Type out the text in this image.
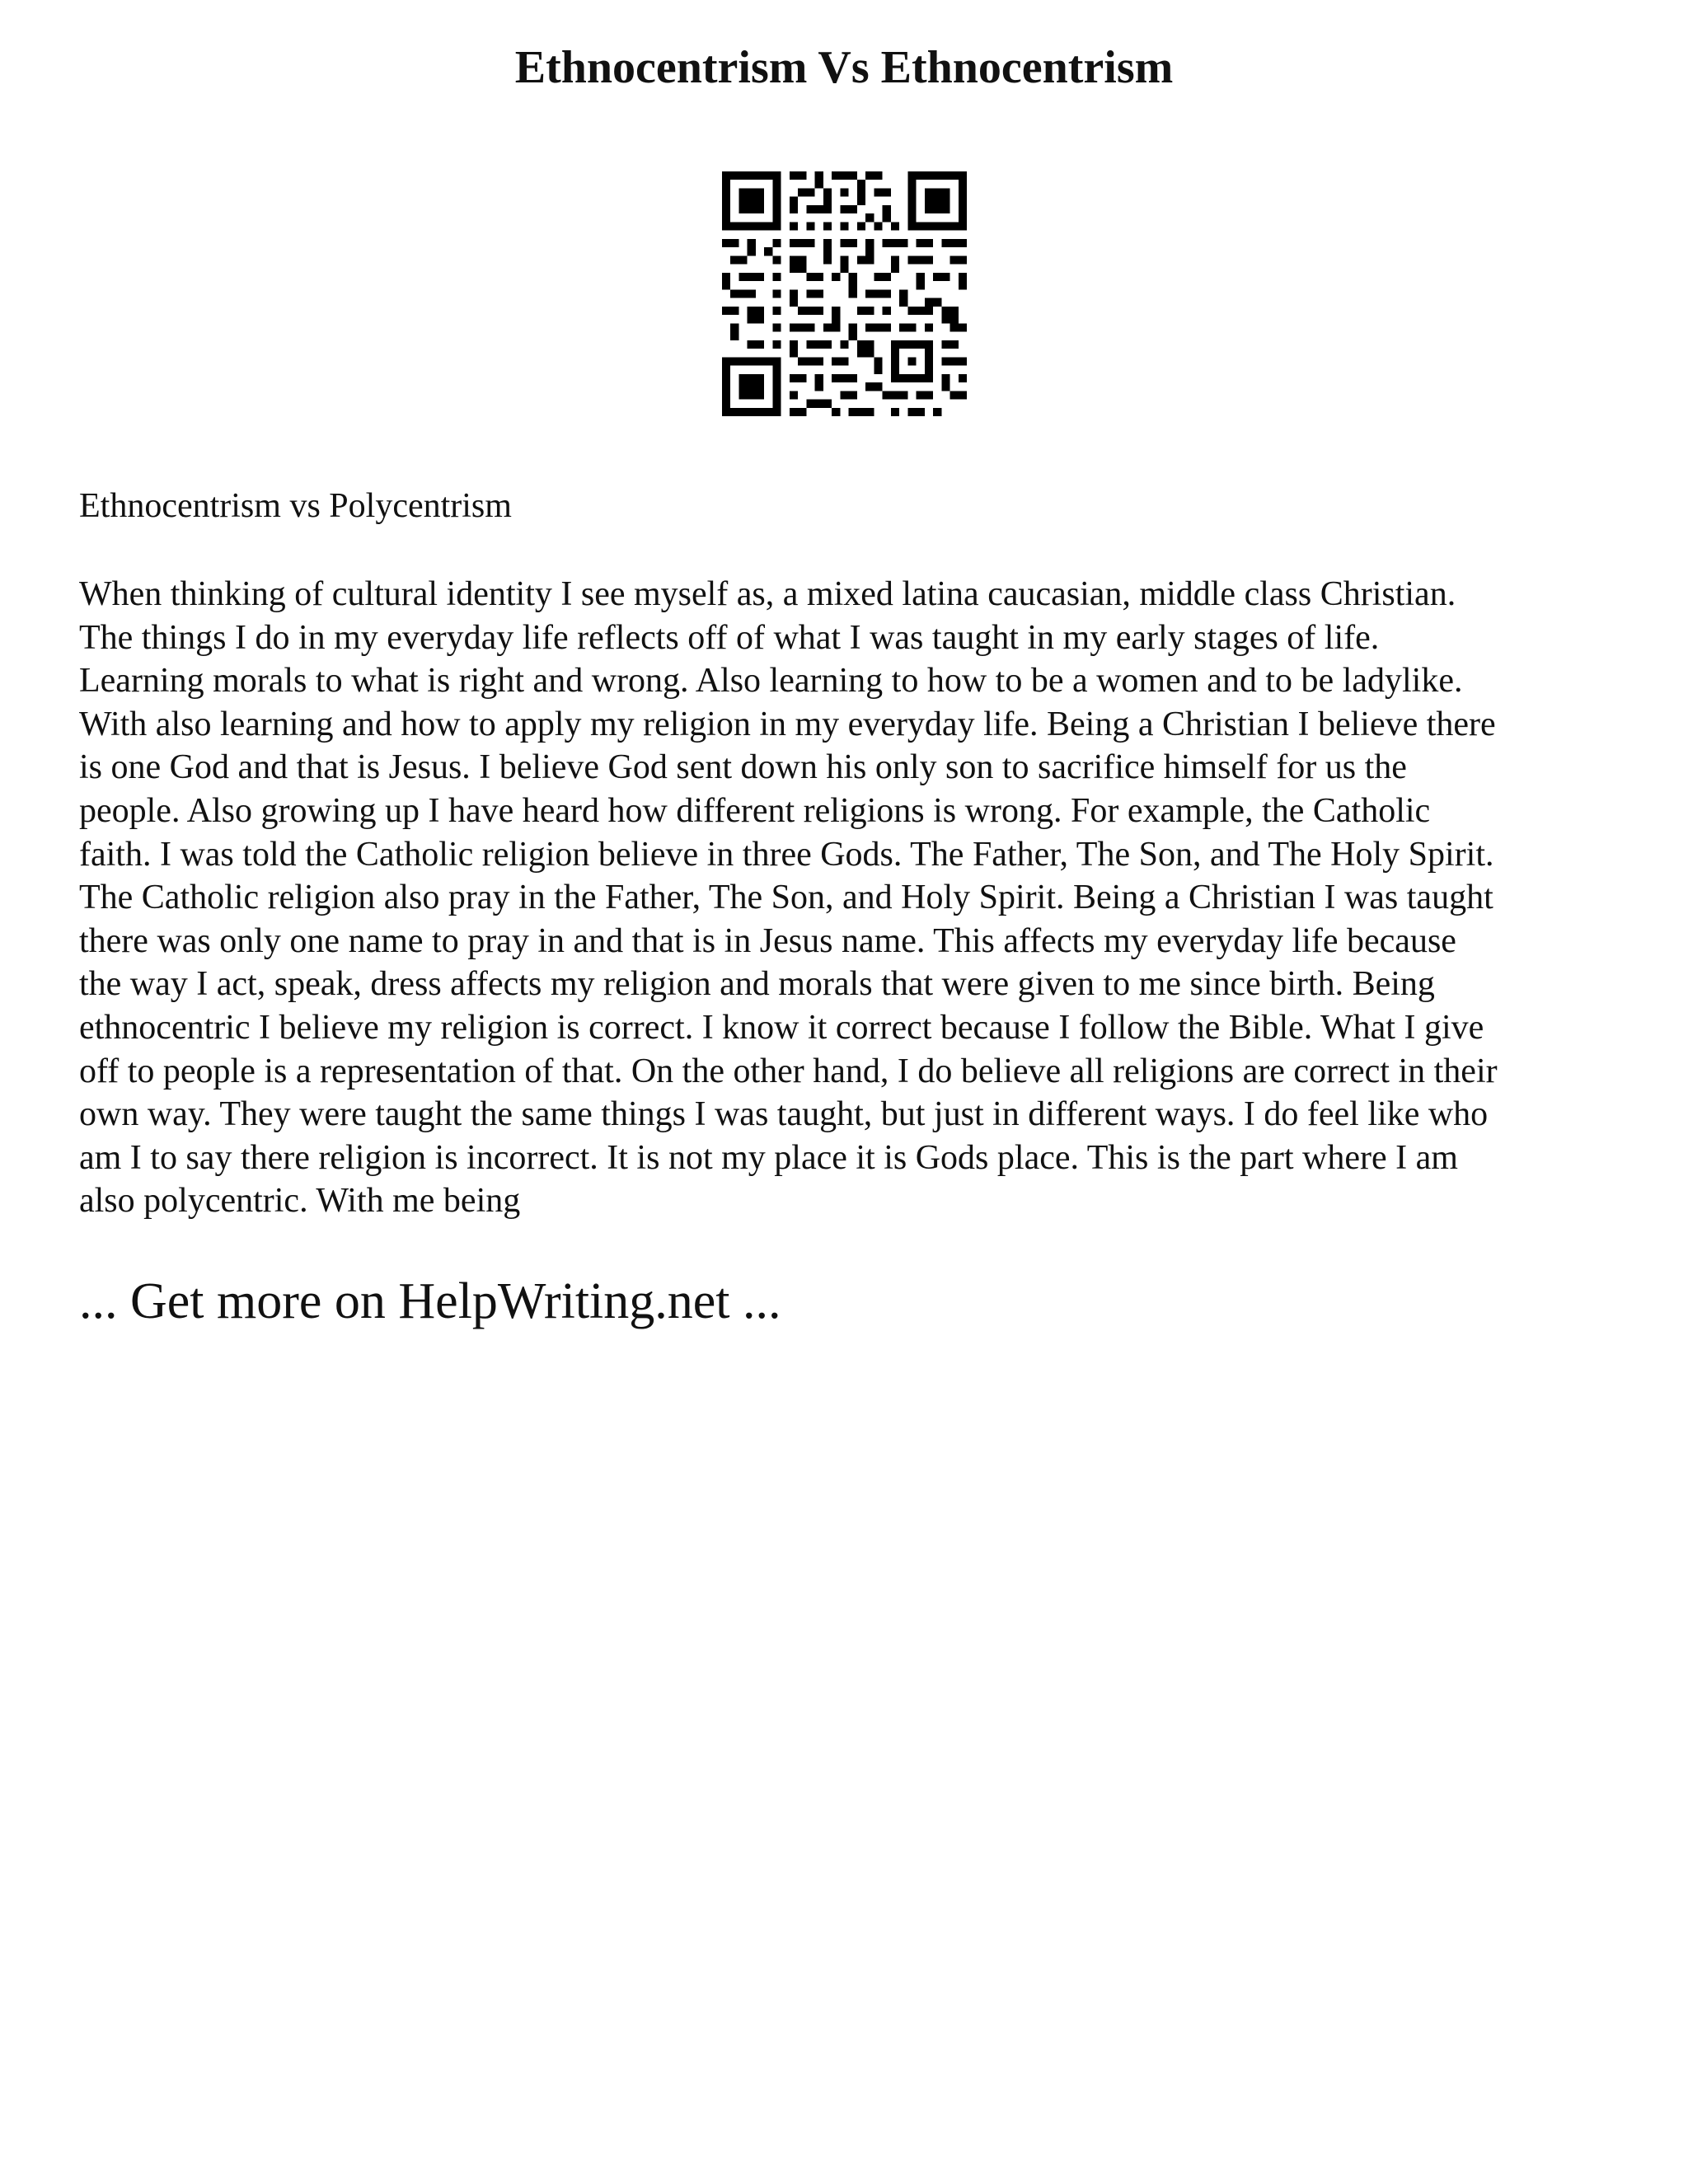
Ethnocentrism Vs Ethnocentrism

Ethnocentrism vs Polycentrism

When thinking of cultural identity I see myself as, a mixed latina caucasian, middle class Christian.
The things I do in my everyday life reflects off of what I was taught in my early stages of life.
Learning morals to what is right and wrong. Also learning to how to be a women and to be ladylike.
With also learning and how to apply my religion in my everyday life. Being a Christian I believe there
is one God and that is Jesus. I believe God sent down his only son to sacrifice himself for us the
people. Also growing up I have heard how different religions is wrong. For example, the Catholic
faith. I was told the Catholic religion believe in three Gods. The Father, The Son, and The Holy Spirit.
The Catholic religion also pray in the Father, The Son, and Holy Spirit. Being a Christian I was taught
there was only one name to pray in and that is in Jesus name. This affects my everyday life because
the way I act, speak, dress affects my religion and morals that were given to me since birth. Being
ethnocentric I believe my religion is correct. I know it correct because I follow the Bible. What I give
off to people is a representation of that. On the other hand, I do believe all religions are correct in their
own way. They were taught the same things I was taught, but just in different ways. I do feel like who
am I to say there religion is incorrect. It is not my place it is Gods place. This is the part where I am
also polycentric. With me being
... Get more on HelpWriting.net ...
